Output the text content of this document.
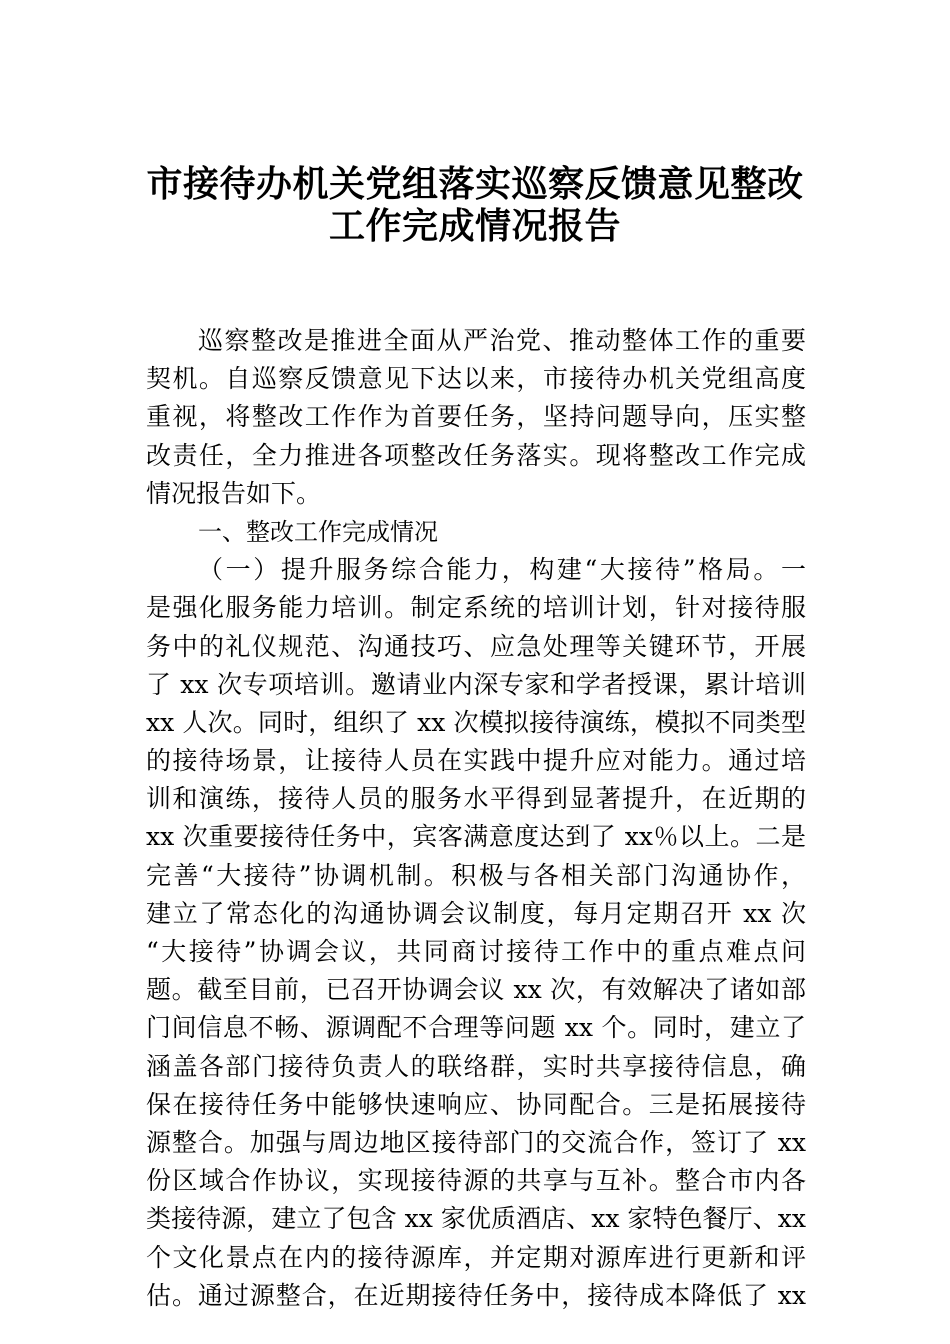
市接待办机关党组落实巡察反馈意见整改
工作完成情况报告
巡察整改是推进全面从严治党、推动整体工作的重要
契机。自巡察反馈意见下达以来，市接待办机关党组高度
重视，将整改工作作为首要任务，坚持问题导向，压实整
改责任，全力推进各项整改任务落实。现将整改工作完成
情况报告如下。
一、整改工作完成情况
（一）提升服务综合能力，构建“大接待”格局。一
是强化服务能力培训。制定系统的培训计划，针对接待服
务中的礼仪规范、沟通技巧、应急处理等关键环节，开展
了 xx 次专项培训。邀请业内深专家和学者授课，累计培训
xx 人次。同时，组织了 xx 次模拟接待演练，模拟不同类型
的接待场景，让接待人员在实践中提升应对能力。通过培
训和演练，接待人员的服务水平得到显著提升，在近期的
xx 次重要接待任务中，宾客满意度达到了 xx％以上。二是
完善“大接待”协调机制。积极与各相关部门沟通协作，
建立了常态化的沟通协调会议制度，每月定期召开 xx 次
“大接待”协调会议，共同商讨接待工作中的重点难点问
题。截至目前，已召开协调会议 xx 次，有效解决了诸如部
门间信息不畅、源调配不合理等问题 xx 个。同时，建立了
涵盖各部门接待负责人的联络群，实时共享接待信息，确
保在接待任务中能够快速响应、协同配合。三是拓展接待
源整合。加强与周边地区接待部门的交流合作，签订了 xx
份区域合作协议，实现接待源的共享与互补。整合市内各
类接待源，建立了包含 xx 家优质酒店、xx 家特色餐厅、xx
个文化景点在内的接待源库，并定期对源库进行更新和评
估。通过源整合，在近期接待任务中，接待成本降低了 xx
